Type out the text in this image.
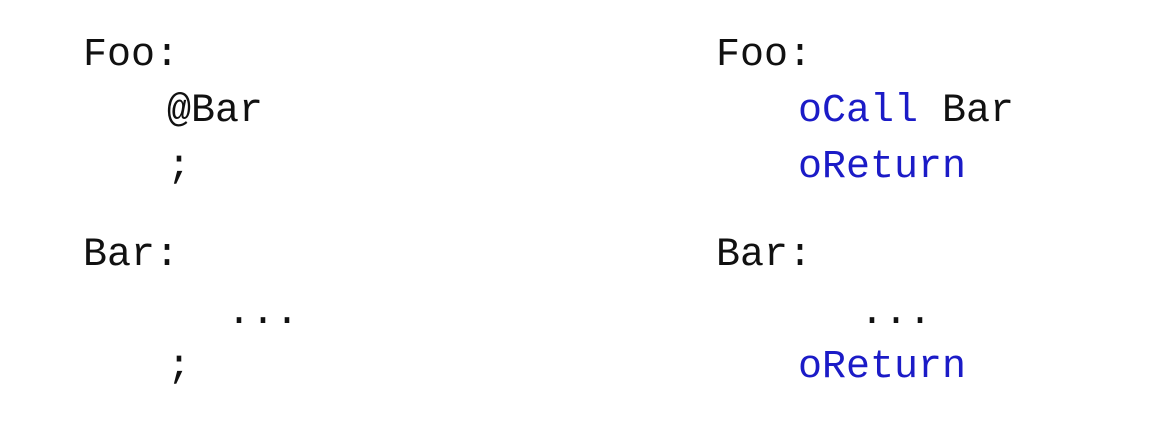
Foo:

@Bar

;

Bar:

...

;

Foo:

oCall Bar

oReturn

Bar:

...

oReturn
